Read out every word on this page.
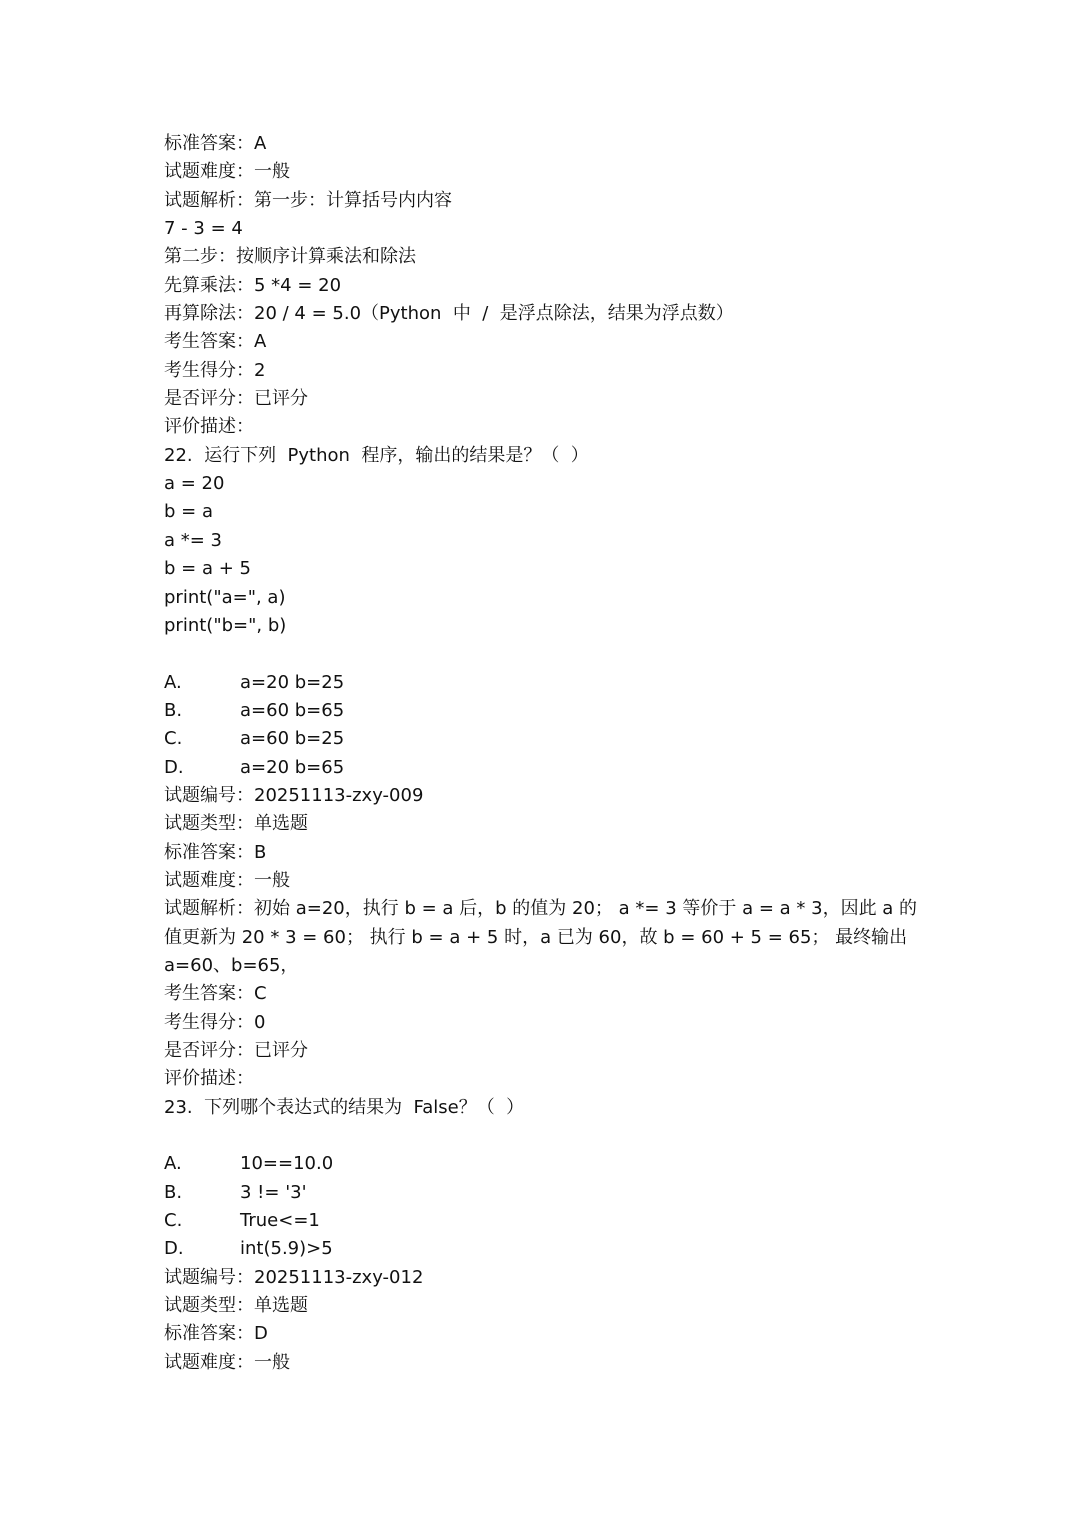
标准答案：A
试题难度：一般
试题解析：第一步：计算括号内内容
7 - 3 = 4
第二步：按顺序计算乘法和除法
先算乘法：5 *4 = 20
再算除法：20 / 4 = 5.0（Python  中  /  是浮点除法，结果为浮点数）
考生答案：A
考生得分：2
是否评分：已评分
评价描述：
22.  运行下列  Python  程序，输出的结果是？（  ）
a = 20
b = a
a *= 3
b = a + 5
print("a=", a)
print("b=", b)
A.	a=20 b=25
B.	a=60 b=65
C.	a=60 b=25
D.	a=20 b=65
试题编号：20251113-zxy-009
试题类型：单选题
标准答案：B
试题难度：一般
试题解析：初始 a=20，执行 b = a 后，b 的值为 20； a *= 3 等价于 a = a * 3，因此 a 的值更新为 20 * 3 = 60； 执行 b = a + 5 时，a 已为 60，故 b = 60 + 5 = 65； 最终输出 a=60、b=65，
考生答案：C
考生得分：0
是否评分：已评分
评价描述：
23.  下列哪个表达式的结果为  False？（  ）
A.	10==10.0
B.	3 != '3'
C.	True<=1
D.	int(5.9)>5
试题编号：20251113-zxy-012
试题类型：单选题
标准答案：D
试题难度：一般
